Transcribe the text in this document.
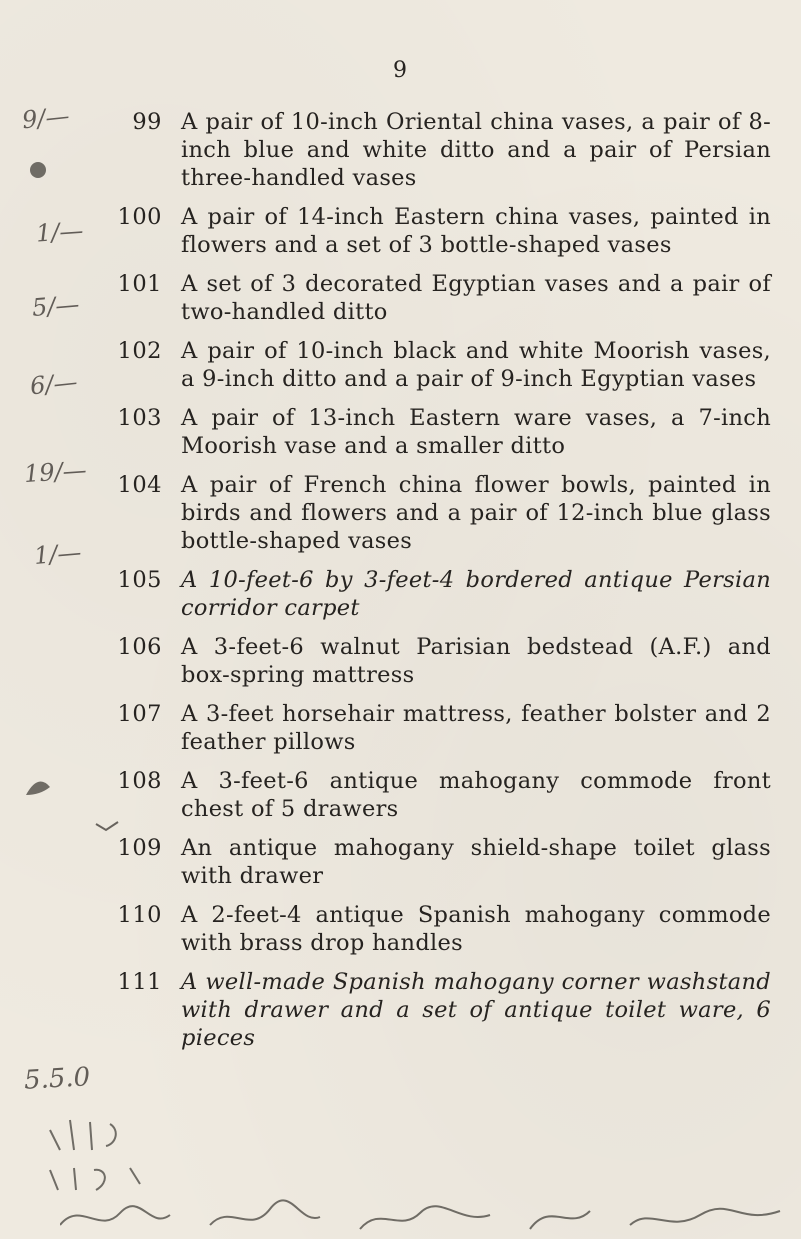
9
99 A pair of 10-inch Oriental china vases, a pair of 8-inch blue and white ditto and a pair of Persian three-handled vases
100 A pair of 14-inch Eastern china vases, painted in flowers and a set of 3 bottle-shaped vases
101 A set of 3 decorated Egyptian vases and a pair of two-handled ditto
102 A pair of 10-inch black and white Moorish vases, a 9-inch ditto and a pair of 9-inch Egyptian vases
103 A pair of 13-inch Eastern ware vases, a 7-inch Moorish vase and a smaller ditto
104 A pair of French china flower bowls, painted in birds and flowers and a pair of 12-inch blue glass bottle-shaped vases
105 A 10-feet-6 by 3-feet-4 bordered antique Persian corridor carpet
106 A 3-feet-6 walnut Parisian bedstead (A.F.) and box-spring mattress
107 A 3-feet horsehair mattress, feather bolster and 2 feather pillows
108 A 3-feet-6 antique mahogany commode front chest of 5 drawers
109 An antique mahogany shield-shape toilet glass with drawer
110 A 2-feet-4 antique Spanish mahogany commode with brass drop handles
111 A well-made Spanish mahogany corner washstand with drawer and a set of antique toilet ware, 6 pieces
9/—
1/—
5/—
6/—
19/—
1/—
5.5.0
